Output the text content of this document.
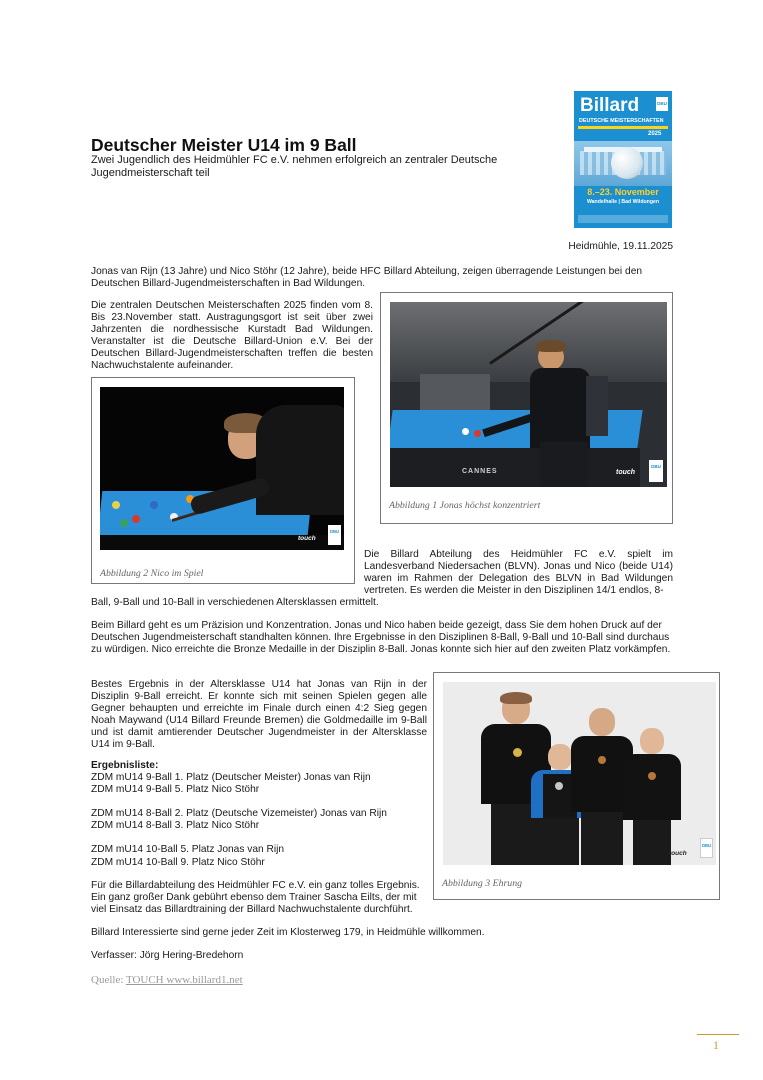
Billard	DBU
DEUTSCHE MEISTERSCHAFTEN
2025
8.–23. November
Wandelhalle | Bad Wildungen
Deutscher Meister U14 im 9 Ball
Zwei Jugendlich des Heidmühler FC e.V. nehmen erfolgreich an zentraler Deutsche Jugendmeisterschaft teil
Heidmühle, 19.11.2025
Jonas van Rijn (13 Jahre) und Nico Stöhr (12 Jahre), beide HFC Billard Abteilung, zeigen überragende Leistungen bei den Deutschen Billard-Jugendmeisterschaften in Bad Wildungen.
Die zentralen Deutschen Meisterschaften 2025 finden vom 8. Bis 23.November statt. Austragungsgort ist seit über zwei Jahrzenten die nordhessische Kurstadt Bad Wildungen. Veranstalter ist die Deutsche Billard-Union e.V. Bei der Deutschen Billard-Jugendmeisterschaften treffen die besten Nachwuchstalente aufeinander.
CANNES	touch
DBU
Abbildung 1 Jonas höchst konzentriert
touch
DBU
Abbildung 2 Nico im Spiel
Die Billard Abteilung des Heidmühler FC e.V. spielt im Landesverband Niedersachen (BLVN). Jonas und Nico (beide U14) waren im Rahmen der Delegation des BLVN in Bad Wildungen vertreten. Es werden die Meister in den Disziplinen 14/1 endlos, 8-
Ball, 9-Ball und 10-Ball in verschiedenen Altersklassen ermittelt.
Beim Billard geht es um Präzision und Konzentration. Jonas und Nico haben beide gezeigt, dass Sie dem hohen Druck auf der Deutschen Jugendmeisterschaft standhalten können. Ihre Ergebnisse in den Disziplinen 8-Ball, 9-Ball und 10-Ball sind durchaus zu würdigen. Nico erreichte die Bronze Medaille in der Disziplin 8-Ball. Jonas konnte sich hier auf den zweiten Platz vorkämpfen.
Bestes Ergebnis in der Altersklasse U14 hat Jonas van Rijn in der Disziplin 9-Ball erreicht. Er konnte sich mit seinen Spielen gegen alle Gegner behaupten und erreichte im Finale durch einen 4:2 Sieg gegen Noah Maywand (U14 Billard Freunde Bremen) die Goldmedaille im 9-Ball und ist damit amtierender Deutscher Jugendmeister in der Altersklasse U14 im 9-Ball.
Ergebnisliste:
ZDM mU14 9-Ball 1. Platz (Deutscher Meister) Jonas van Rijn
ZDM mU14 9-Ball 5. Platz Nico Stöhr
ZDM mU14 8-Ball 2. Platz (Deutsche Vizemeister) Jonas van Rijn
ZDM mU14 8-Ball 3. Platz Nico Stöhr
ZDM mU14 10-Ball 5. Platz Jonas van Rijn
ZDM mU14 10-Ball 9. Platz Nico Stöhr
touch
DBU
Abbildung 3 Ehrung
Für die Billardabteilung des Heidmühler FC e.V. ein ganz tolles Ergebnis. Ein ganz großer Dank gebührt ebenso dem Trainer Sascha Eilts, der mit viel Einsatz das Billardtraining der Billard Nachwuchstalente durchführt.
Billard Interessierte sind gerne jeder Zeit im Klosterweg 179, in Heidmühle willkommen.
Verfasser: Jörg Hering-Bredehorn
Quelle: TOUCH www.billard1.net
1
